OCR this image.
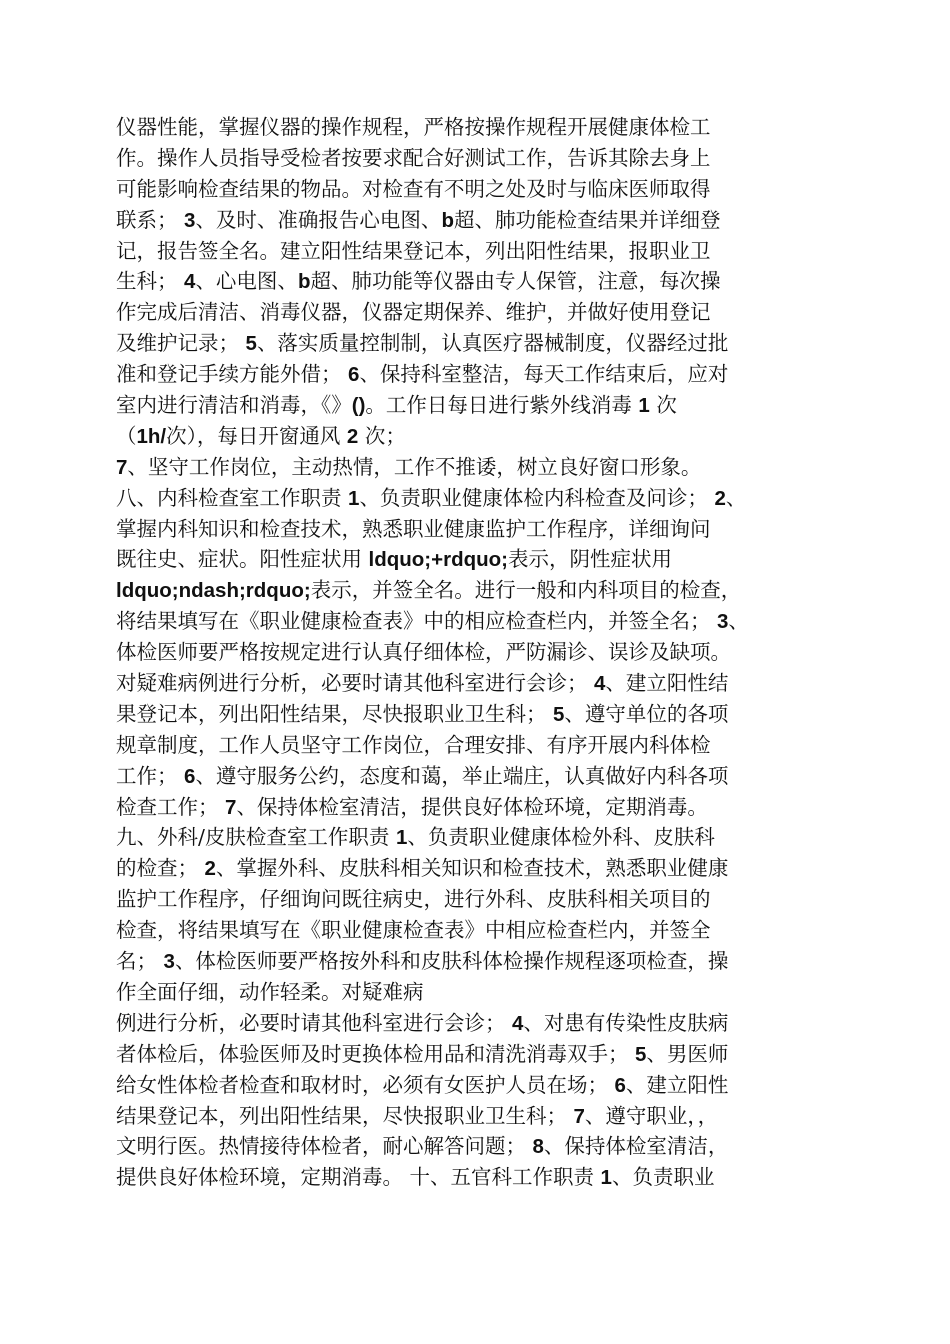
仪器性能，掌握仪器的操作规程，严格按操作规程开展健康体检工
作。操作人员指导受检者按要求配合好测试工作，告诉其除去身上
可能影响检查结果的物品。对检查有不明之处及时与临床医师取得
联系； 3、及时、准确报告心电图、b超、肺功能检查结果并详细登
记，报告签全名。建立阳性结果登记本，列出阳性结果，报职业卫
生科； 4、心电图、b超、肺功能等仪器由专人保管，注意，每次操
作完成后清洁、消毒仪器，仪器定期保养、维护，并做好使用登记
及维护记录； 5、落实质量控制制，认真医疗器械制度，仪器经过批
准和登记手续方能外借； 6、保持科室整洁，每天工作结束后，应对
室内进行清洁和消毒，《》()。工作日每日进行紫外线消毒 1 次
（1h/次），每日开窗通风 2 次；
7、坚守工作岗位，主动热情，工作不推诿，树立良好窗口形象。
八、内科检查室工作职责 1、负责职业健康体检内科检查及问诊； 2、
掌握内科知识和检查技术，熟悉职业健康监护工作程序，详细询问
既往史、症状。阳性症状用 ldquo;+rdquo;表示，阴性症状用
ldquo;ndash;rdquo;表示，并签全名。进行一般和内科项目的检查，
将结果填写在《职业健康检查表》中的相应检查栏内，并签全名； 3、
体检医师要严格按规定进行认真仔细体检，严防漏诊、误诊及缺项。
对疑难病例进行分析，必要时请其他科室进行会诊； 4、建立阳性结
果登记本，列出阳性结果，尽快报职业卫生科； 5、遵守单位的各项
规章制度，工作人员坚守工作岗位，合理安排、有序开展内科体检
工作； 6、遵守服务公约，态度和蔼，举止端庄，认真做好内科各项
检查工作； 7、保持体检室清洁，提供良好体检环境，定期消毒。
九、外科/皮肤检查室工作职责 1、负责职业健康体检外科、皮肤科
的检查； 2、掌握外科、皮肤科相关知识和检查技术，熟悉职业健康
监护工作程序，仔细询问既往病史，进行外科、皮肤科相关项目的
检查，将结果填写在《职业健康检查表》中相应检查栏内，并签全
名； 3、体检医师要严格按外科和皮肤科体检操作规程逐项检查，操
作全面仔细，动作轻柔。对疑难病
例进行分析，必要时请其他科室进行会诊； 4、对患有传染性皮肤病
者体检后，体验医师及时更换体检用品和清洗消毒双手； 5、男医师
给女性体检者检查和取材时，必须有女医护人员在场； 6、建立阳性
结果登记本，列出阳性结果，尽快报职业卫生科； 7、遵守职业，，
文明行医。热情接待体检者，耐心解答问题； 8、保持体检室清洁，
提供良好体检环境，定期消毒。 十、五官科工作职责 1、负责职业
